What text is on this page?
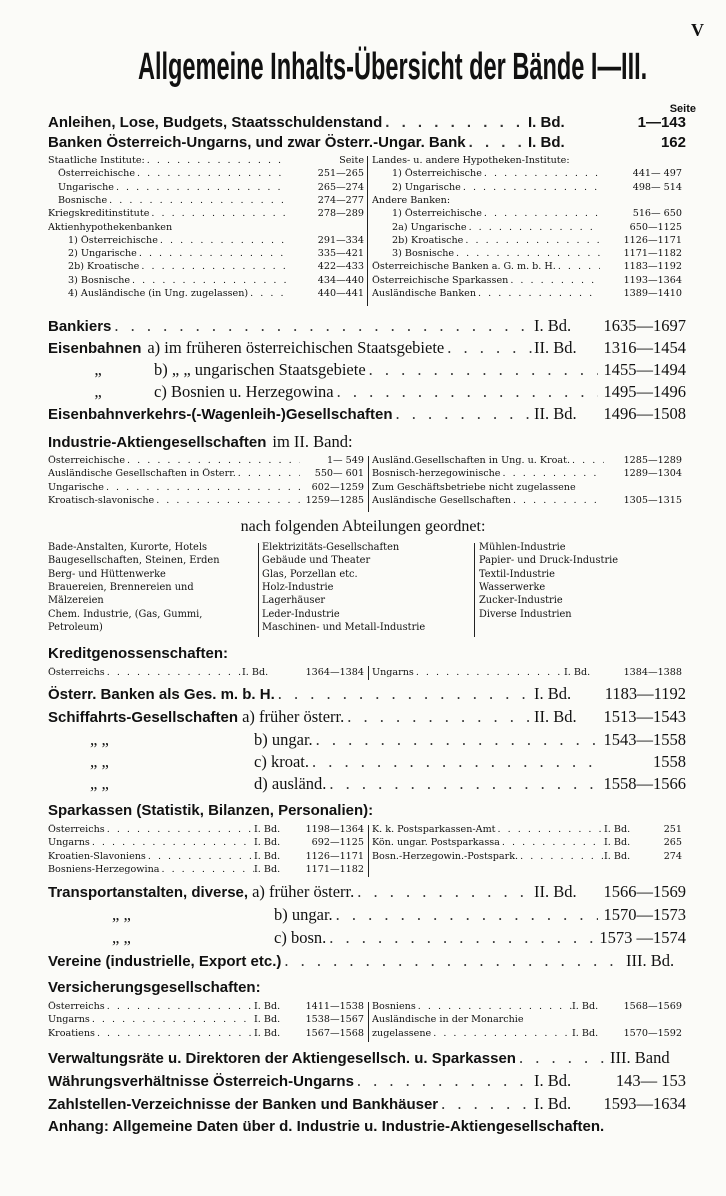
V
Allgemeine Inhalts-Übersicht der Bände I—III.
Seite
Anleihen, Lose, Budgets, Staatsschuldenstand . . .	I. Bd.	1—143
Banken Österreich-Ungarns, und zwar Österr.-Ungar. Bank . . .	I. Bd.	162
Staatliche Institute: . . .	Seite
Österreichische . . .	251—265
Ungarische . . .	265—274
Bosnische . . .	274—277
Kriegskreditinstitute . . .	278—289
Aktienhypothekenbanken
1) Österreichische . . .	291—334
2) Ungarische . . .	335—421
2b) Kroatische . . .	422—433
3) Bosnische . . .	434—440
4) Ausländische (in Ung. zugelassen) . . .	440—441
Landes- u. andere Hypotheken-Institute:
1) Österreichische . . .	441— 497
2) Ungarische . . .	498— 514
Andere Banken:
1) Österreichische . . .	516— 650
2a) Ungarische . . .	650—1125
2b) Kroatische . . .	1126—1171
3) Bosnische . . .	1171—1182
Österreichische Banken a. G. m. b. H. . . .	1183—1192
Österreichische Sparkassen . . .	1193—1364
Ausländische Banken . . .	1389—1410
Bankiers . . .	I. Bd.	1635—1697
Eisenbahnen a) im früheren österreichischen Staatsgebiete . . .	II. Bd.	1316—1454
„	b) „ „ ungarischen Staatsgebiete . . .	1455—1494
„	c) Bosnien u. Herzegowina . . .	1495—1496
Eisenbahnverkehrs-(-Wagenleih-)Gesellschaften . . .	II. Bd.	1496—1508
Industrie-Aktiengesellschaften im II. Band:
Österreichische . . .	1— 549
Ausländische Gesellschaften in Österr. . . .	550— 601
Ungarische . . .	602—1259
Kroatisch-slavonische . . .	1259—1285
Ausländ.Gesellschaften in Ung. u. Kroat. . . .	1285—1289
Bosnisch-herzegowinische . . .	1289—1304
Zum Geschäftsbetriebe nicht zugelassene
Ausländische Gesellschaften . . .	1305—1315
nach folgenden Abteilungen geordnet:
Bade-Anstalten, Kurorte, Hotels
Baugesellschaften, Steinen, Erden
Berg- und Hüttenwerke
Brauereien, Brennereien und
Mälzereien
Chem. Industrie, (Gas, Gummi,
Petroleum)
Elektrizitäts-Gesellschaften
Gebäude und Theater
Glas, Porzellan etc.
Holz-Industrie
Lagerhäuser
Leder-Industrie
Maschinen- und Metall-Industrie
Mühlen-Industrie
Papier- und Druck-Industrie
Textil-Industrie
Wasserwerke
Zucker-Industrie
Diverse Industrien
Kreditgenossenschaften:
Österreichs . . .	I. Bd.	1364—1384 Ungarns . . .	I. Bd.	1384—1388
Österr. Banken als Ges. m. b. H. . . .	I. Bd.	1183—1192
Schiffahrts-Gesellschaften a) früher österr. . . .	II. Bd.	1513—1543
„ „	b) ungar. . . .	1543—1558
„ „	c) kroat. . . .	1558
„ „	d) ausländ. . . .	1558—1566
Sparkassen (Statistik, Bilanzen, Personalien):
Österreichs . . .	I. Bd.	1198—1364
Ungarns . . .	I. Bd.	692—1125
Kroatien-Slavoniens . . .	I. Bd.	1126—1171
Bosniens-Herzegowina . . .	I. Bd.	1171—1182
K. k. Postsparkassen-Amt . . .	I. Bd.	251
Kön. ungar. Postsparkassa . . .	I. Bd.	265
Bosn.-Herzegowin.-Postspark. . . .	I. Bd.	274
Transportanstalten, diverse, a) früher österr. . . .	II. Bd.	1566—1569
„ „	b) ungar. . . .	1570—1573
„ „	c) bosn. . . .	1573 —1574
Vereine (industrielle, Export etc.) . . .	III. Bd.
Versicherungsgesellschaften:
Österreichs . . .	I. Bd.	1411—1538
Ungarns . . .	I. Bd.	1538—1567
Kroatiens . . .	I. Bd.	1567—1568
Bosniens . . .	I. Bd.	1568—1569
Ausländische in der Monarchie
zugelassene . . .	I. Bd.	1570—1592
Verwaltungsräte u. Direktoren der Aktiengesellsch. u. Sparkassen . . .	III. Band
Währungsverhältnisse Österreich-Ungarns . . .	I. Bd.	143— 153
Zahlstellen-Verzeichnisse der Banken und Bankhäuser . . .	I. Bd.	1593—1634
Anhang: Allgemeine Daten über d. Industrie u. Industrie-Aktiengesellschaften.
